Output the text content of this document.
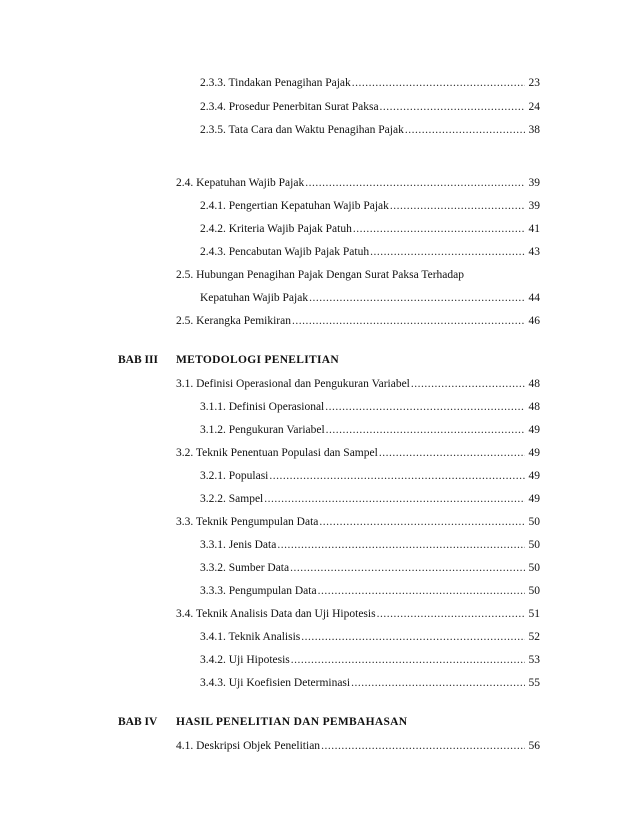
2.3.3. Tindakan Penagihan Pajak .....	23
2.3.4. Prosedur Penerbitan Surat Paksa .....	24
2.3.5. Tata Cara dan Waktu Penagihan Pajak .....	38
2.4. Kepatuhan Wajib Pajak .....	39
2.4.1. Pengertian Kepatuhan Wajib Pajak .....	39
2.4.2. Kriteria Wajib Pajak Patuh .....	41
2.4.3. Pencabutan Wajib Pajak Patuh .....	43
2.5. Hubungan Penagihan Pajak Dengan Surat Paksa Terhadap
Kepatuhan Wajib Pajak .....	44
2.5. Kerangka Pemikiran .....	46
BAB III METODOLOGI PENELITIAN
3.1. Definisi Operasional dan Pengukuran Variabel .....	48
3.1.1. Definisi Operasional .....	48
3.1.2. Pengukuran Variabel .....	49
3.2. Teknik Penentuan Populasi dan Sampel .....	49
3.2.1. Populasi .....	49
3.2.2. Sampel .....	49
3.3. Teknik Pengumpulan Data .....	50
3.3.1. Jenis Data .....	50
3.3.2. Sumber Data .....	50
3.3.3. Pengumpulan Data .....	50
3.4. Teknik Analisis Data dan Uji Hipotesis .....	51
3.4.1. Teknik Analisis .....	52
3.4.2. Uji Hipotesis .....	53
3.4.3. Uji Koefisien Determinasi .....	55
BAB IV HASIL PENELITIAN DAN PEMBAHASAN
4.1. Deskripsi Objek Penelitian .....	56
